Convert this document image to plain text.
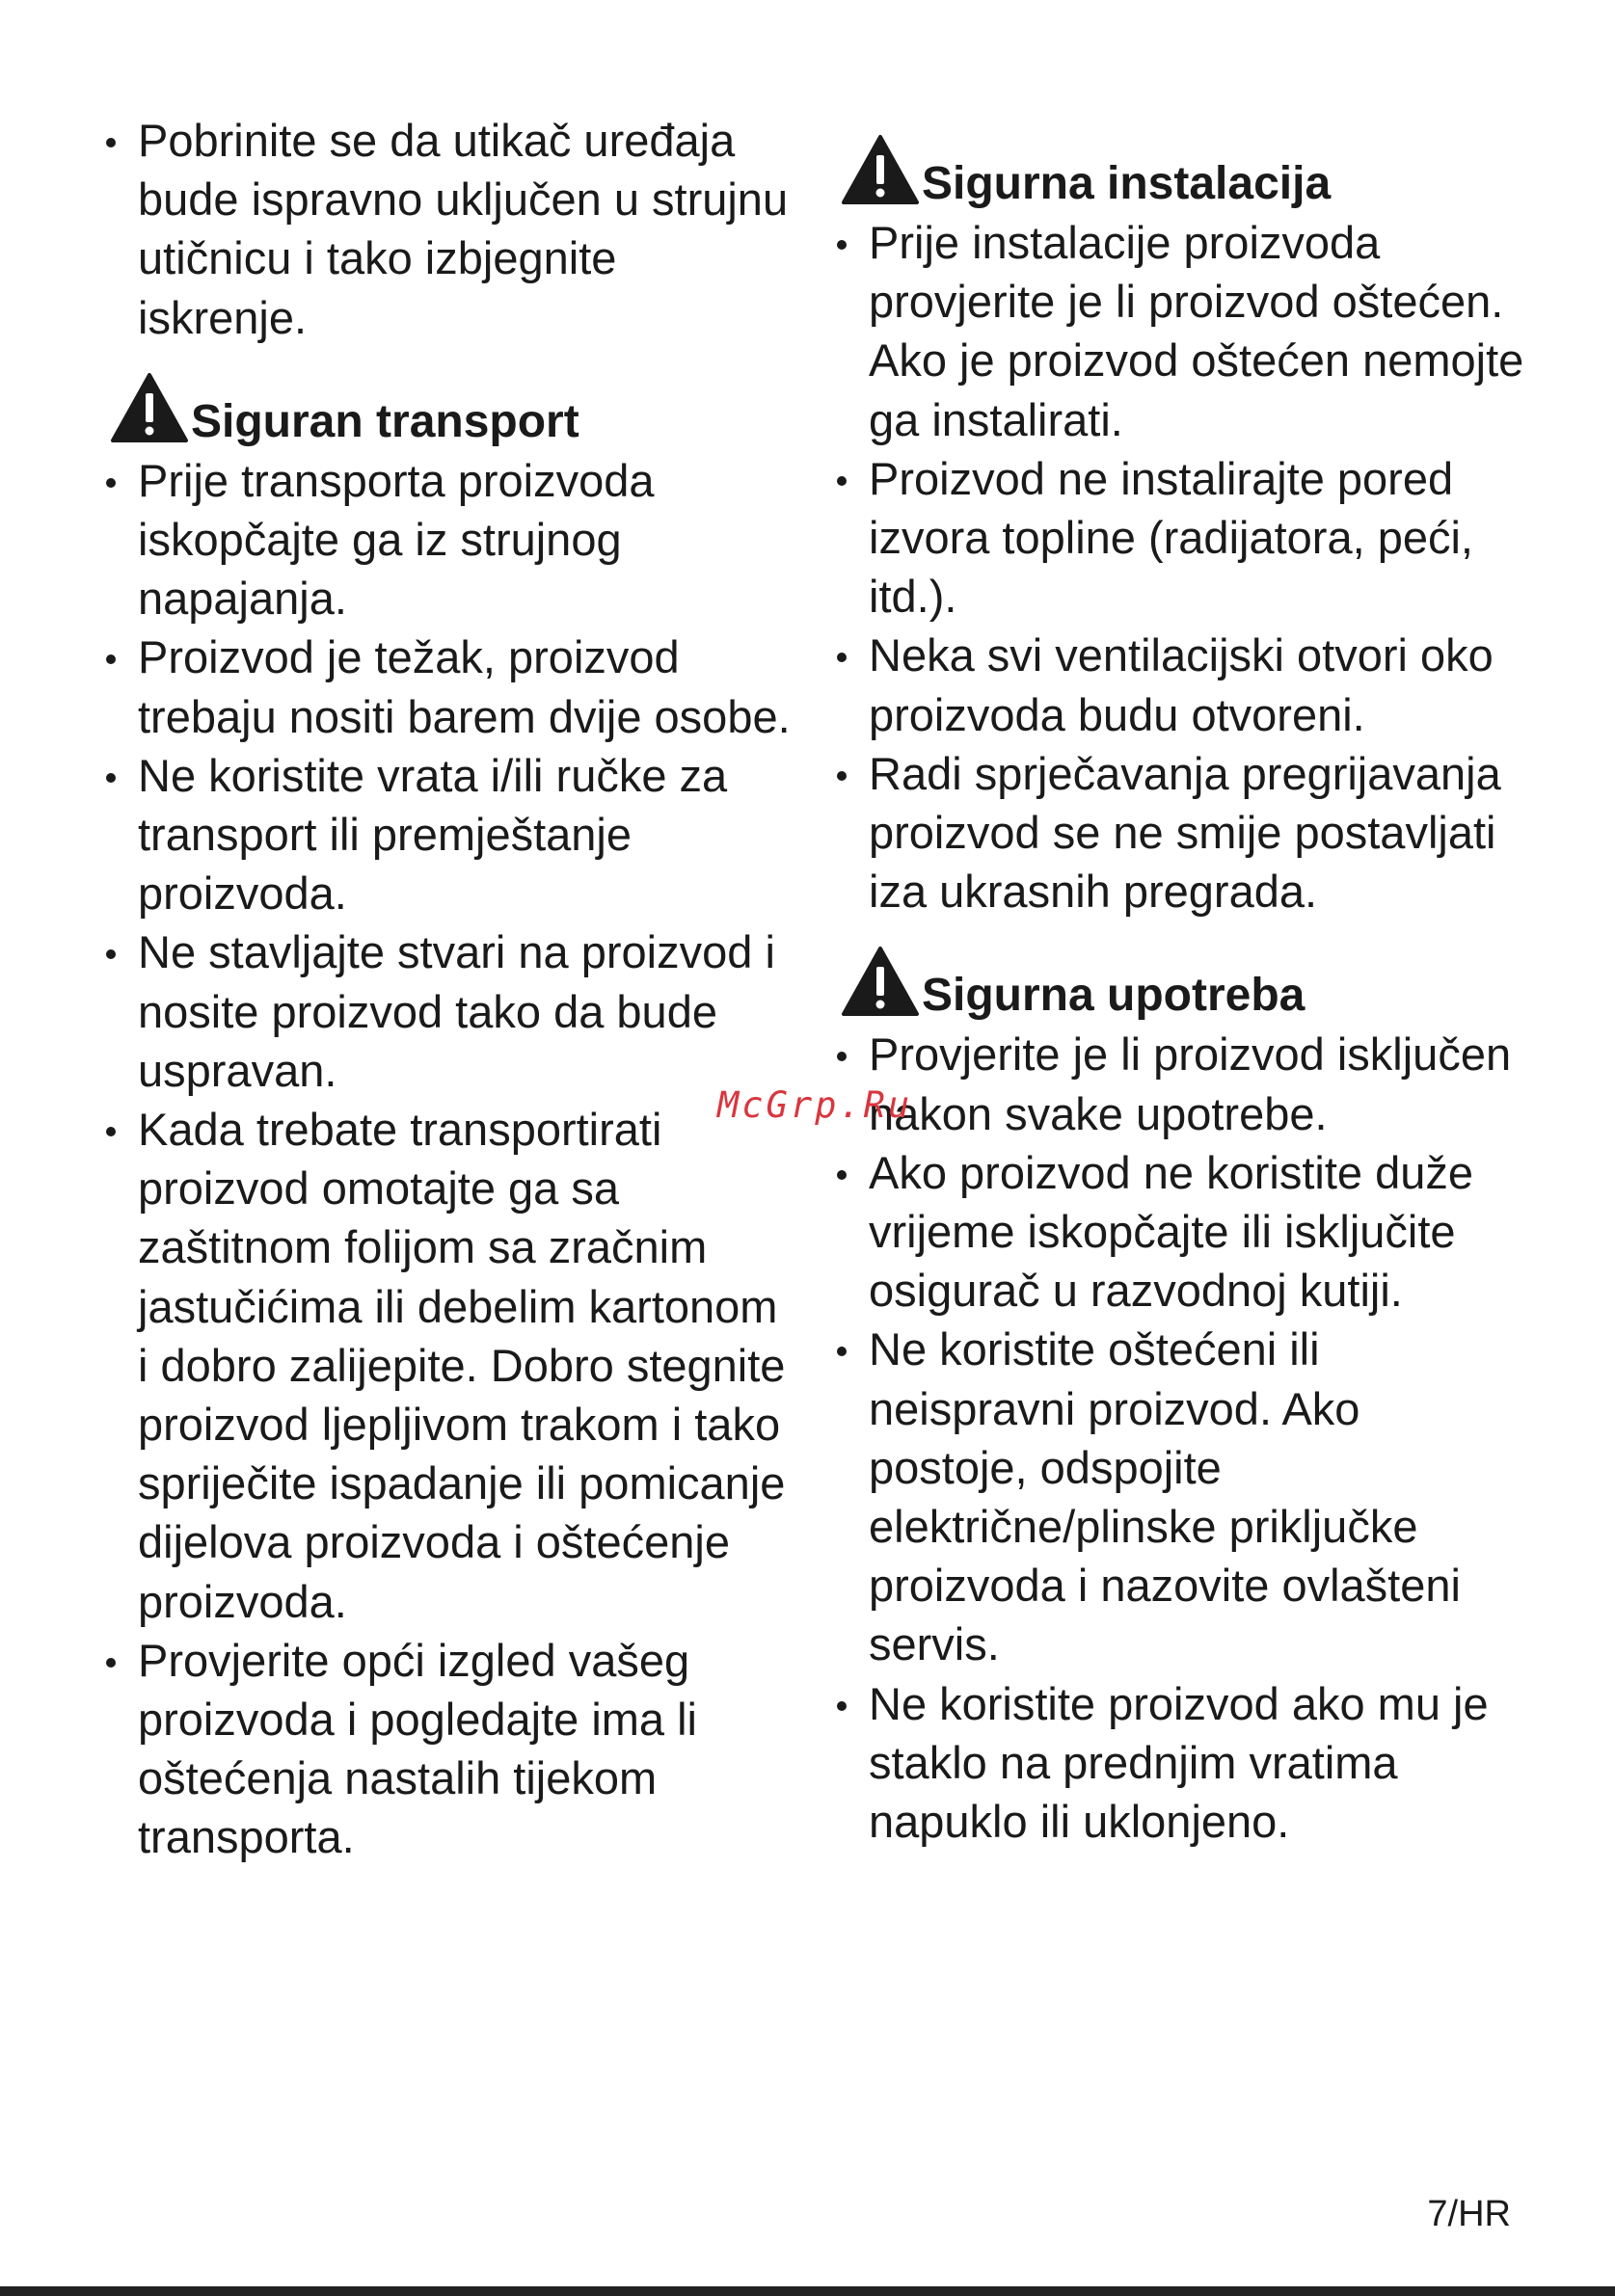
Pobrinite se da utikač uređaja bude ispravno uključen u strujnu utičnicu i tako izbjegnite iskrenje.

Siguran transport

Prije transporta proizvoda iskopčajte ga iz strujnog napajanja.

Proizvod je težak, proizvod trebaju nositi barem dvije osobe.

Ne koristite vrata i/ili ručke za transport ili premještanje proizvoda.

Ne stavljajte stvari na proizvod i nosite proizvod tako da bude uspravan.

Kada trebate transportirati proizvod omotajte ga sa zaštitnom folijom sa zračnim jastučićima ili debelim kartonom i dobro zalijepite. Dobro stegnite proizvod ljepljivom trakom i tako spriječite ispadanje ili pomicanje dijelova proizvoda i oštećenje proizvoda.

Provjerite opći izgled vašeg proizvoda i pogledajte ima li oštećenja nastalih tijekom transporta.

Sigurna instalacija

Prije instalacije proizvoda provjerite je li proizvod oštećen. Ako je proizvod oštećen nemojte ga instalirati.

Proizvod ne instalirajte pored izvora topline (radijatora, peći, itd.).

Neka svi ventilacijski otvori oko proizvoda budu otvoreni.

Radi sprječavanja pregrijavanja proizvod se ne smije postavljati iza ukrasnih pregrada.

Sigurna upotreba

Provjerite je li proizvod isključen nakon svake upotrebe.

Ako proizvod ne koristite duže vrijeme iskopčajte ili isključite osigurač u razvodnoj kutiji.

Ne koristite oštećeni ili neispravni proizvod. Ako postoje, odspojite električne/plinske priključke proizvoda i nazovite ovlašteni servis.

Ne koristite proizvod ako mu je staklo na prednjim vratima napuklo ili uklonjeno.

McGrp.Ru
7/HR
